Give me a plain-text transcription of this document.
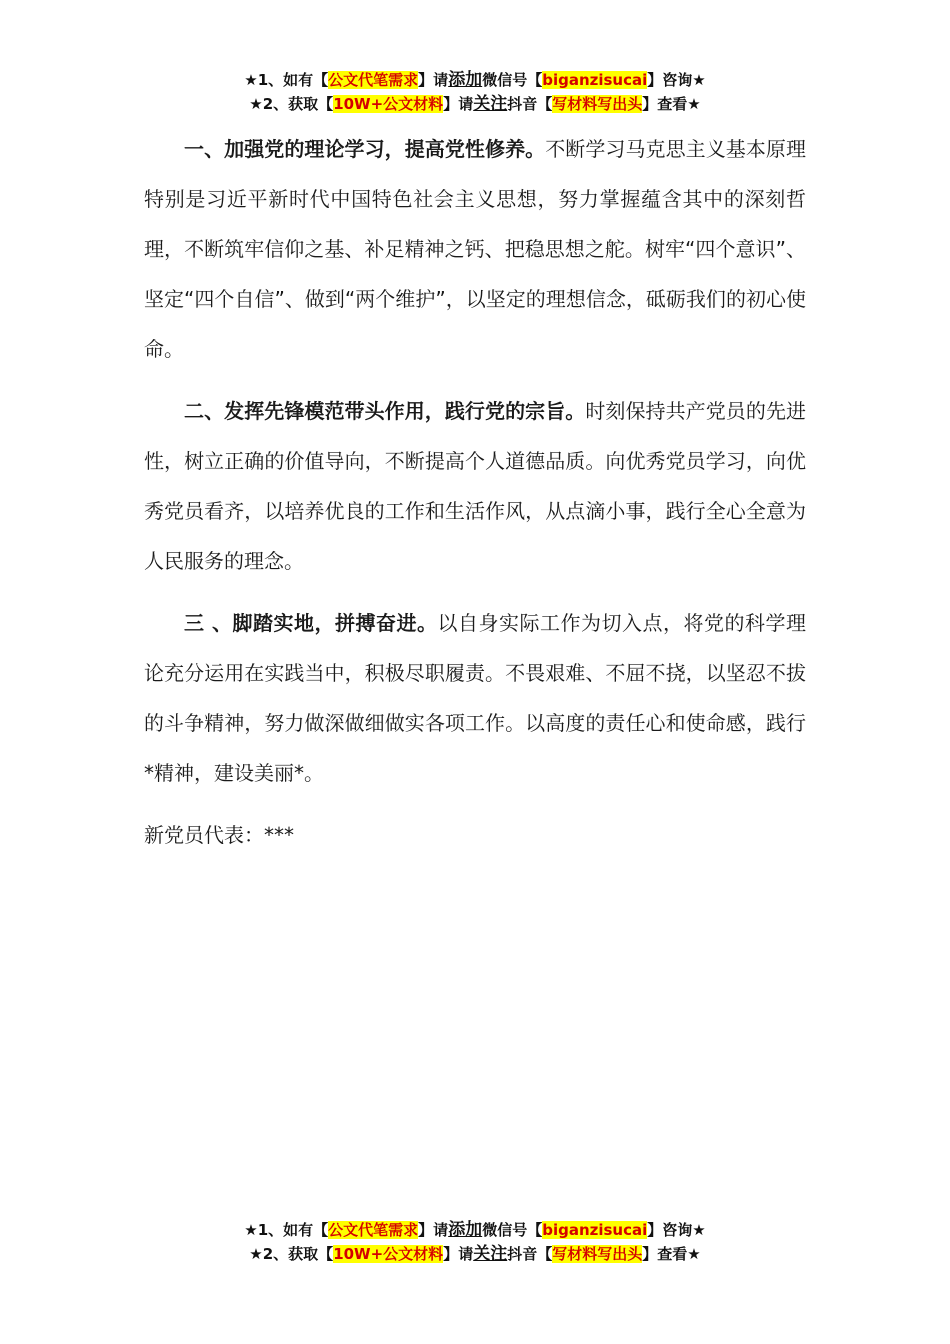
★1、如有【公文代笔需求】请添加微信号【biganzisucai】咨询★
★2、获取【10W+公文材料】请关注抖音【写材料写出头】查看★

一、加强党的理论学习，提高党性修养。不断学习马克思主义基本原理特别是习近平新时代中国特色社会主义思想，努力掌握蕴含其中的深刻哲理，不断筑牢信仰之基、补足精神之钙、把稳思想之舵。树牢“四个意识”、坚定“四个自信”、做到“两个维护”，以坚定的理想信念，砥砺我们的初心使命。

二、发挥先锋模范带头作用，践行党的宗旨。时刻保持共产党员的先进性，树立正确的价值导向，不断提高个人道德品质。向优秀党员学习，向优秀党员看齐，以培养优良的工作和生活作风，从点滴小事，践行全心全意为人民服务的理念。

三 、脚踏实地，拼搏奋进。以自身实际工作为切入点，将党的科学理论充分运用在实践当中，积极尽职履责。不畏艰难、不屈不挠，以坚忍不拔的斗争精神，努力做深做细做实各项工作。以高度的责任心和使命感，践行*精神，建设美丽*。

新党员代表：***

★1、如有【公文代笔需求】请添加微信号【biganzisucai】咨询★
★2、获取【10W+公文材料】请关注抖音【写材料写出头】查看★
